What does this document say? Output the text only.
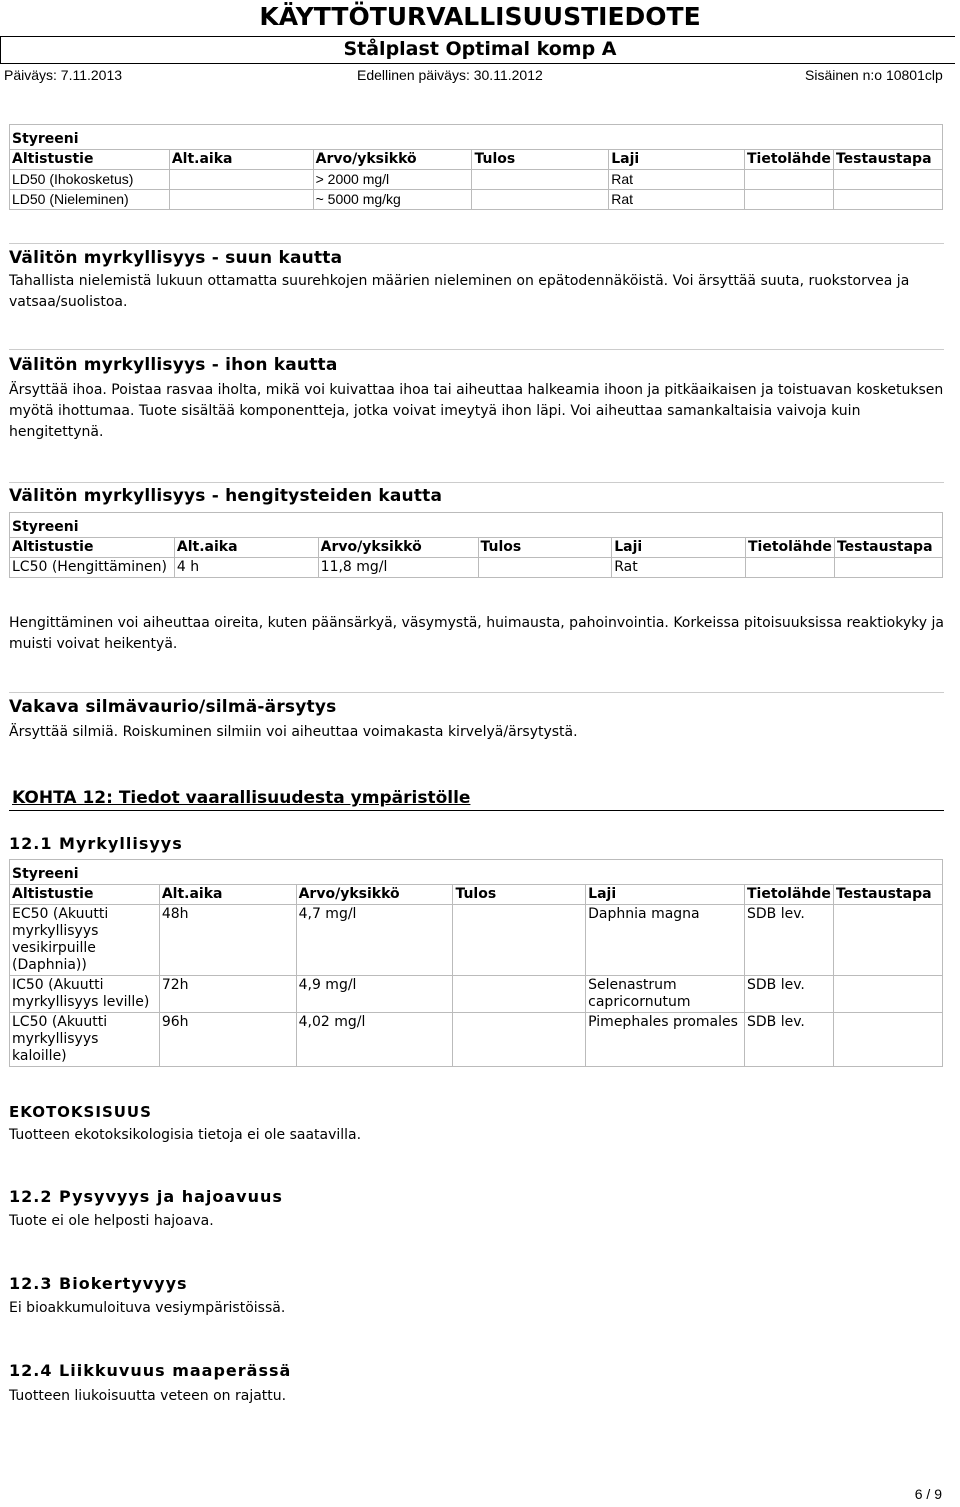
KÄYTTÖTURVALLISUUSTIEDOTE
Stålplast Optimal komp A
Päiväys: 7.11.2013	Edellinen päiväys: 30.11.2012	Sisäinen n:o 10801clp
Styreeni						
Altistustie	Alt.aika	Arvo/yksikkö	Tulos	Laji	Tietolähde	Testaustapa
LD50 (Ihokosketus)		> 2000 mg/l		Rat		
LD50 (Nieleminen)		~ 5000 mg/kg		Rat		
Välitön myrkyllisyys - suun kautta
Tahallista nielemistä lukuun ottamatta suurehkojen määrien nieleminen on epätodennäköistä. Voi ärsyttää suuta, ruokstorvea ja vatsaa/suolistoa.
Välitön myrkyllisyys - ihon kautta
Ärsyttää ihoa. Poistaa rasvaa iholta, mikä voi kuivattaa ihoa tai aiheuttaa halkeamia ihoon ja pitkäaikaisen ja toistuavan kosketuksen myötä ihottumaa. Tuote sisältää komponentteja, jotka voivat imeytyä ihon läpi. Voi aiheuttaa samankaltaisia vaivoja kuin hengitettynä.
Välitön myrkyllisyys - hengitysteiden kautta
Styreeni						
Altistustie	Alt.aika	Arvo/yksikkö	Tulos	Laji	Tietolähde	Testaustapa
LC50 (Hengittäminen)	4 h	11,8 mg/l		Rat		
Hengittäminen voi aiheuttaa oireita, kuten päänsärkyä, väsymystä, huimausta, pahoinvointia. Korkeissa pitoisuuksissa reaktiokyky ja muisti voivat heikentyä.
Vakava silmävaurio/silmä-ärsytys
Ärsyttää silmiä. Roiskuminen silmiin voi aiheuttaa voimakasta kirvelyä/ärsytystä.
KOHTA 12: Tiedot vaarallisuudesta ympäristölle
12.1 Myrkyllisyys
Styreeni						
Altistustie	Alt.aika	Arvo/yksikkö	Tulos	Laji	Tietolähde	Testaustapa
EC50 (Akuutti myrkyllisyys vesikirpuille (Daphnia))	48h	4,7 mg/l		Daphnia magna	SDB lev.	
IC50 (Akuutti myrkyllisyys leville)	72h	4,9 mg/l		Selenastrum capricornutum	SDB lev.	
LC50 (Akuutti myrkyllisyys kaloille)	96h	4,02 mg/l		Pimephales promales	SDB lev.	
EKOTOKSISUUS
Tuotteen ekotoksikologisia tietoja ei ole saatavilla.
12.2 Pysyvyys ja hajoavuus
Tuote ei ole helposti hajoava.
12.3 Biokertyvyys
Ei bioakkumuloituva vesiympäristöissä.
12.4 Liikkuvuus maaperässä
Tuotteen liukoisuutta veteen on rajattu.
6 / 9
